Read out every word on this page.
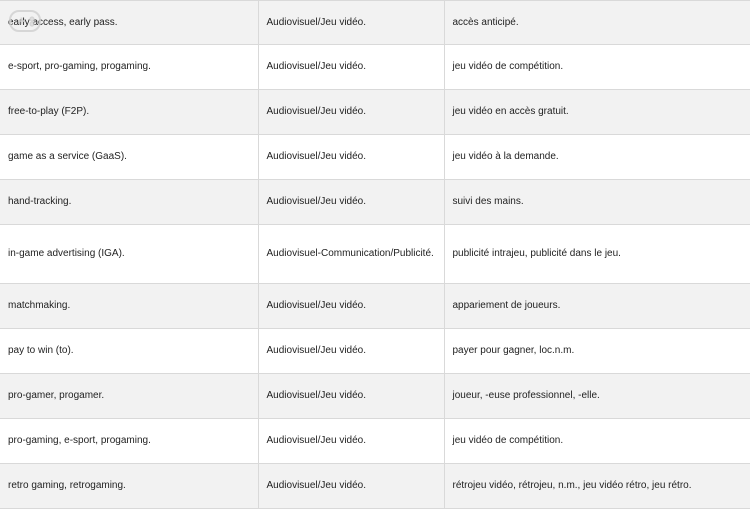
early access, early pass.	Audiovisuel/Jeu vidéo.	accès anticipé.
e-sport, pro-gaming, progaming.	Audiovisuel/Jeu vidéo.	jeu vidéo de compétition.
free-to-play (F2P).	Audiovisuel/Jeu vidéo.	jeu vidéo en accès gratuit.
game as a service (GaaS).	Audiovisuel/Jeu vidéo.	jeu vidéo à la demande.
hand-tracking.	Audiovisuel/Jeu vidéo.	suivi des mains.
in-game advertising (IGA).	Audiovisuel-Communication/Publicité.	publicité intrajeu, publicité dans le jeu.
matchmaking.	Audiovisuel/Jeu vidéo.	appariement de joueurs.
pay to win (to).	Audiovisuel/Jeu vidéo.	payer pour gagner, loc.n.m.
pro-gamer, progamer.	Audiovisuel/Jeu vidéo.	joueur, -euse professionnel, -elle.
pro-gaming, e-sport, progaming.	Audiovisuel/Jeu vidéo.	jeu vidéo de compétition.
retro gaming, retrogaming.	Audiovisuel/Jeu vidéo.	rétrojeu vidéo, rétrojeu, n.m., jeu vidéo rétro, jeu rétro.
